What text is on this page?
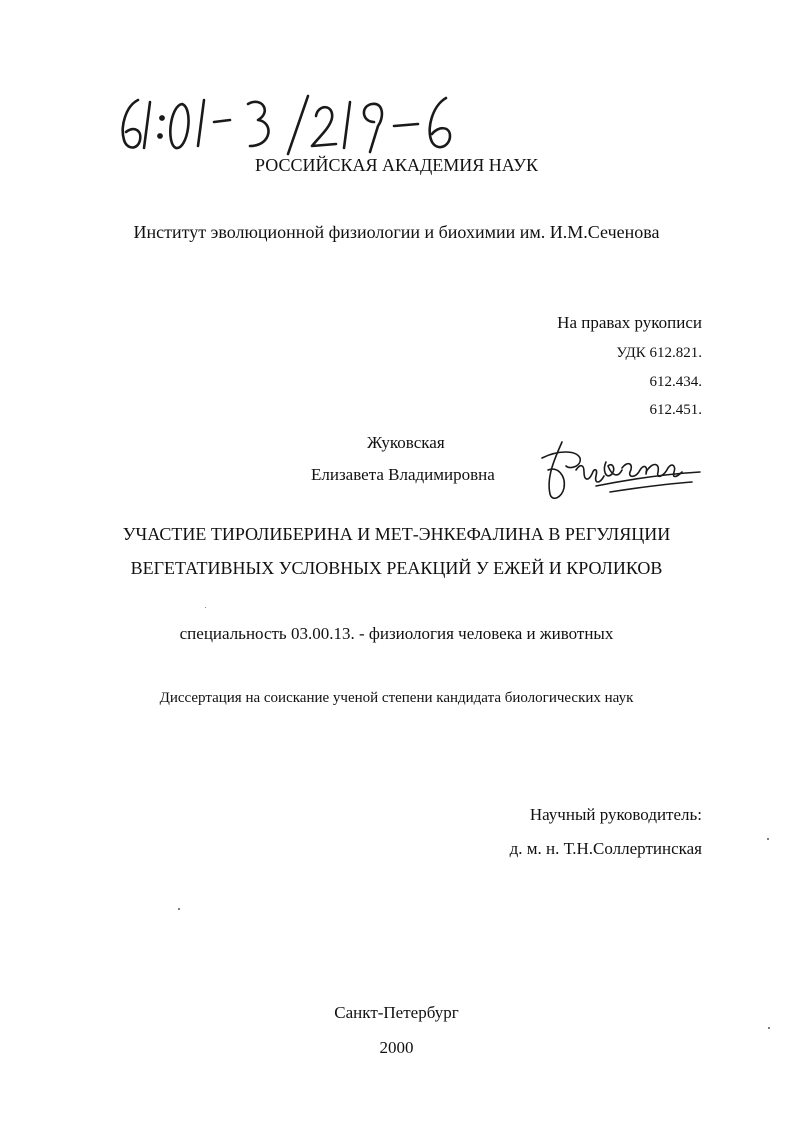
РОССИЙСКАЯ АКАДЕМИЯ НАУК
Институт эволюционной физиологии и биохимии им. И.М.Сеченова
На правах рукописи
УДК 612.821.
612.434.
612.451.
Жуковская
Елизавета Владимировна
УЧАСТИЕ ТИРОЛИБЕРИНА И МЕТ-ЭНКЕФАЛИНА В РЕГУЛЯЦИИ
ВЕГЕТАТИВНЫХ УСЛОВНЫХ РЕАКЦИЙ У ЕЖЕЙ И КРОЛИКОВ
специальность 03.00.13. - физиология человека и животных
Диссертация на соискание ученой степени кандидата биологических наук
Научный руководитель:
д. м. н. Т.Н.Соллертинская
Санкт-Петербург
2000
